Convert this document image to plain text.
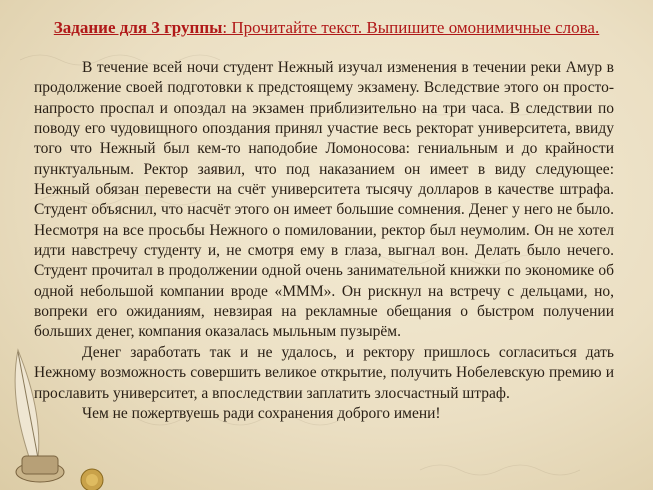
Задание для 3 группы: Прочитайте текст. Выпишите омонимичные слова.

В течение всей ночи студент Нежный изучал изменения в течении реки Амур в продолжение своей подготовки к предстоящему экзамену. Вследствие этого он просто-напросто проспал и опоздал на экзамен приблизительно на три часа. В следствии по поводу его чудовищного опоздания принял участие весь ректорат университета, ввиду того что Нежный был кем-то наподобие Ломоносова: гениальным и до крайности пунктуальным. Ректор заявил, что под наказанием он имеет в виду следующее: Нежный обязан перевести на счёт университета тысячу долларов в качестве штрафа. Студент объяснил, что насчёт этого он имеет большие сомнения. Денег у него не было. Несмотря на все просьбы Нежного о помиловании, ректор был неумолим. Он не хотел идти навстречу студенту и, не смотря ему в глаза, выгнал вон. Делать было нечего. Студент прочитал в продолжении одной очень занимательной книжки по экономике об одной небольшой компании вроде «МММ». Он рискнул на встречу с дельцами, но, вопреки его ожиданиям, невзирая на рекламные обещания о быстром получении больших денег, компания оказалась мыльным пузырём.

Денег заработать так и не удалось, и ректору пришлось согласиться дать Нежному возможность совершить великое открытие, получить Нобелевскую премию и прославить университет, а впоследствии заплатить злосчастный штраф.

Чем не пожертвуешь ради сохранения доброго имени!
